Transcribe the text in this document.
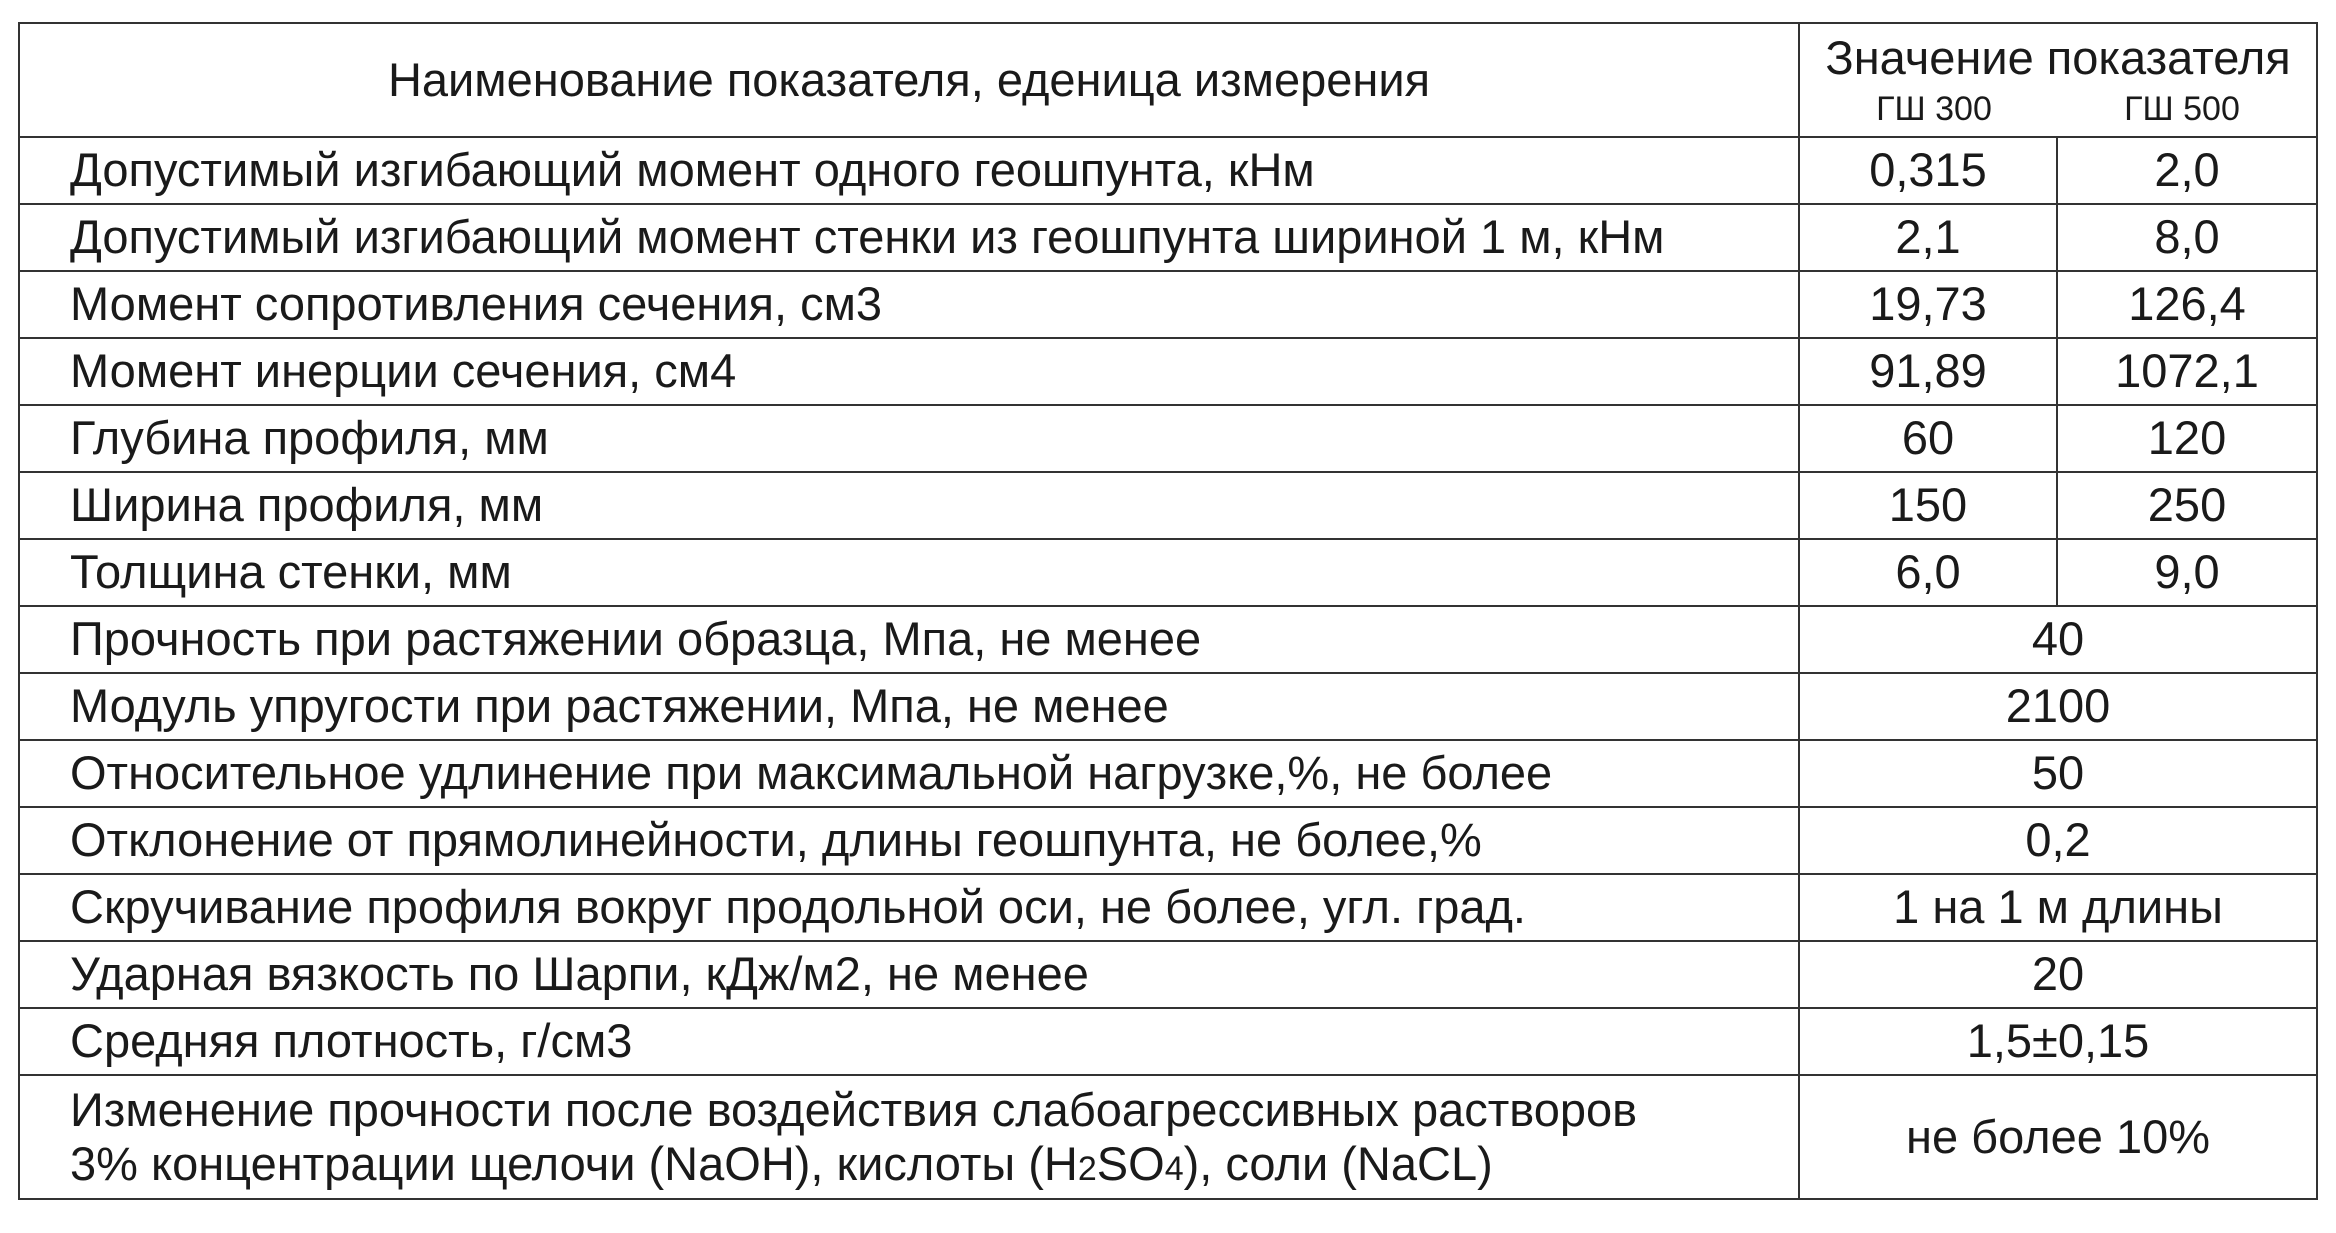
Наименование показателя, еденица измерения	Значение показателя
ГШ 300 ГШ 500	

Допустимый изгибающий момент одного геошпунта, кНм	0,315	2,0
Допустимый изгибающий момент стенки из геошпунта шириной 1 м, кНм	2,1	8,0
Момент сопротивления сечения, см3	19,73	126,4
Момент инерции сечения, см4	91,89	1072,1
Глубина профиля, мм	60	120
Ширина профиля, мм	150	250
Толщина стенки, мм	6,0	9,0
Прочность при растяжении образца, Мпа, не менее	40	
Модуль упругости при растяжении, Мпа, не менее	2100	
Относительное удлинение при максимальной нагрузке,%, не более	50	
Отклонение от прямолинейности, длины геошпунта, не более,%	0,2	
Скручивание профиля вокруг продольной оси, не более, угл. град.	1 на 1 м длины	
Ударная вязкость по Шарпи, кДж/м2, не менее	20	
Средняя плотность, г/см3	1,5±0,15	
Изменение прочности после воздействия слабоагрессивных растворов
3% концентрации щелочи (NaOH), кислоты (H2SO4), соли (NaCL)	не более 10%	
